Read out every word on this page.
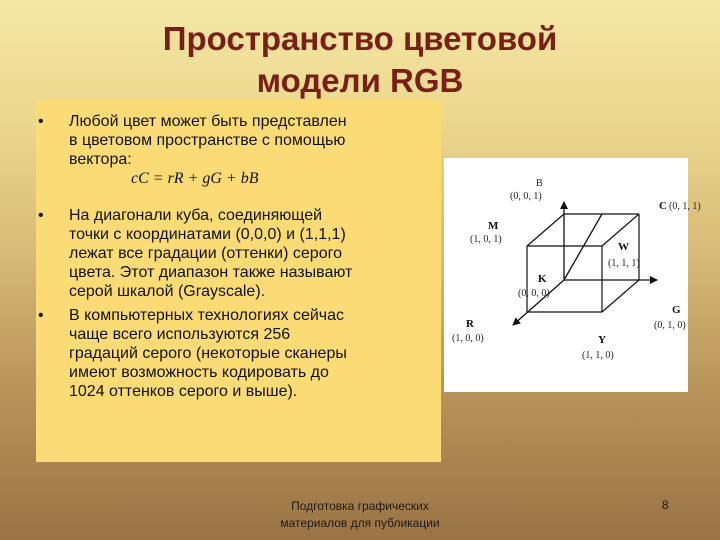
Пространство цветовой
модели RGB
• Любой цвет может быть представлен
в цветовом пространстве с помощью
вектора:
cC = rR + gG + bB
• На диагонали куба, соединяющей
точки с координатами (0,0,0) и (1,1,1)
лежат все градации (оттенки) серого
цвета. Этот диапазон также называют
серой шкалой (Grayscale).
• В компьютерных технологиях сейчас
чаще всего используются 256
градаций серого (некоторые сканеры
имеют возможность кодировать до
1024 оттенков серого и выше).
B
(0, 0, 1)
C (0, 1, 1)
M
(1, 0, 1)
W
(1, 1, 1)
K
(0, 0, 0)
G
(0, 1, 0)
R
(1, 0, 0)	Y
(1, 1, 0)
Подготовка графических
материалов для публикации
8
